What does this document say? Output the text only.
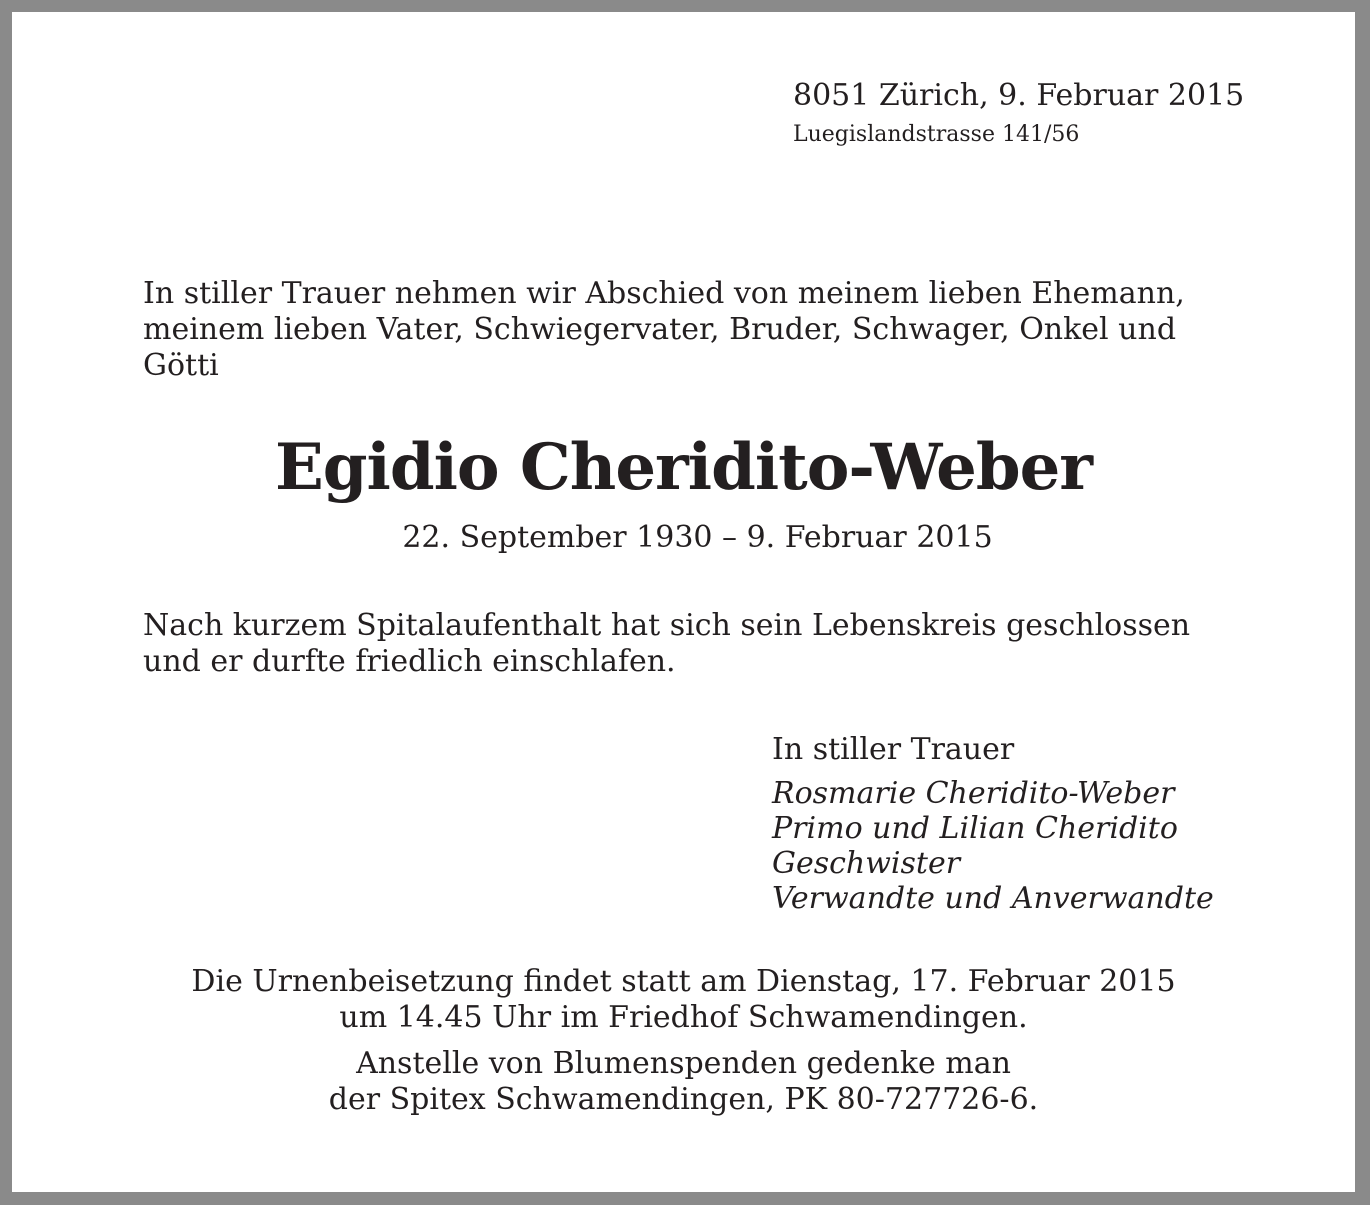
8051 Zürich, 9. Februar 2015
Luegislandstrasse 141/56
In stiller Trauer nehmen wir Abschied von meinem lieben Ehemann,
meinem lieben Vater, Schwiegervater, Bruder, Schwager, Onkel und
Götti
Egidio Cheridito-Weber
22. September 1930 – 9. Februar 2015
Nach kurzem Spitalaufenthalt hat sich sein Lebenskreis geschlossen
und er durfte friedlich einschlafen.
In stiller Trauer
Rosmarie Cheridito-Weber
Primo und Lilian Cheridito
Geschwister
Verwandte und Anverwandte
Die Urnenbeisetzung findet statt am Dienstag, 17. Februar 2015
um 14.45 Uhr im Friedhof Schwamendingen.
Anstelle von Blumenspenden gedenke man
der Spitex Schwamendingen, PK 80-727726-6.
